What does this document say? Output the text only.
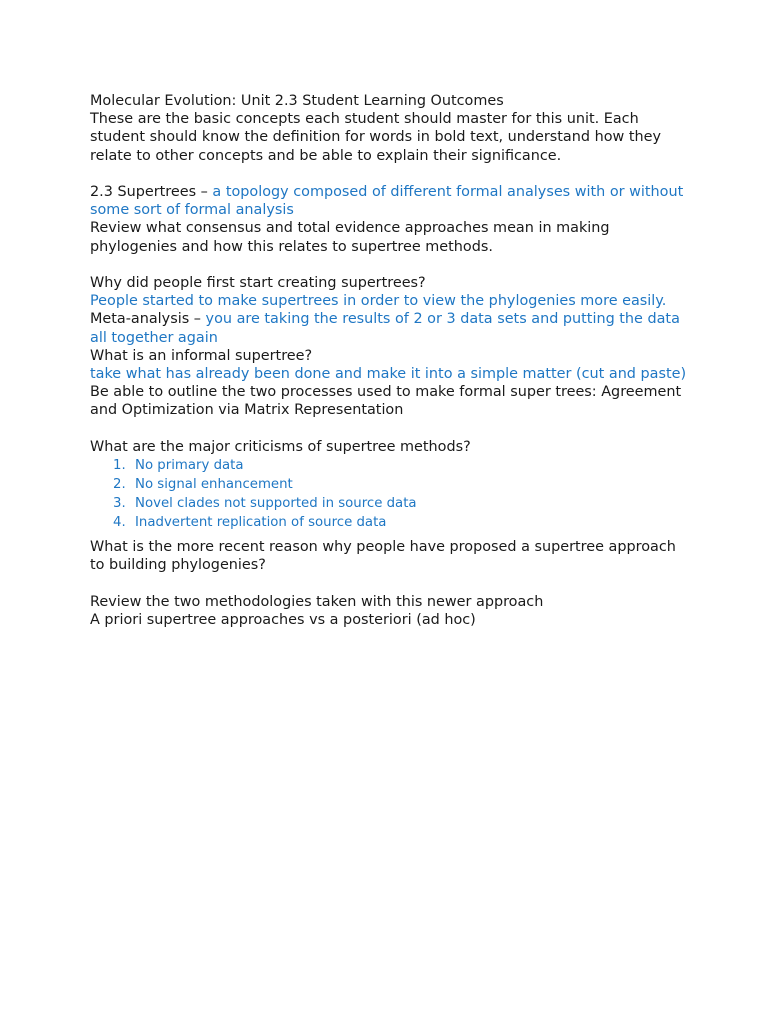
Molecular Evolution: Unit 2.3 Student Learning Outcomes

These are the basic concepts each student should master for this unit. Each student should know the definition for words in bold text, understand how they relate to other concepts and be able to explain their significance.

2.3 Supertrees – a topology composed of different formal analyses with or without some sort of formal analysis

Review what consensus and total evidence approaches mean in making phylogenies and how this relates to supertree methods.

Why did people first start creating supertrees?

People started to make supertrees in order to view the phylogenies more easily.

Meta-analysis – you are taking the results of 2 or 3 data sets and putting the data all together again

What is an informal supertree?

take what has already been done and make it into a simple matter (cut and paste)

Be able to outline the two processes used to make formal super trees: Agreement and Optimization via Matrix Representation

What are the major criticisms of supertree methods?

No primary data
No signal enhancement
Novel clades not supported in source data
Inadvertent replication of source data

What is the more recent reason why people have proposed a supertree approach to building phylogenies?

Review the two methodologies taken with this newer approach

A priori supertree approaches vs a posteriori (ad hoc)
